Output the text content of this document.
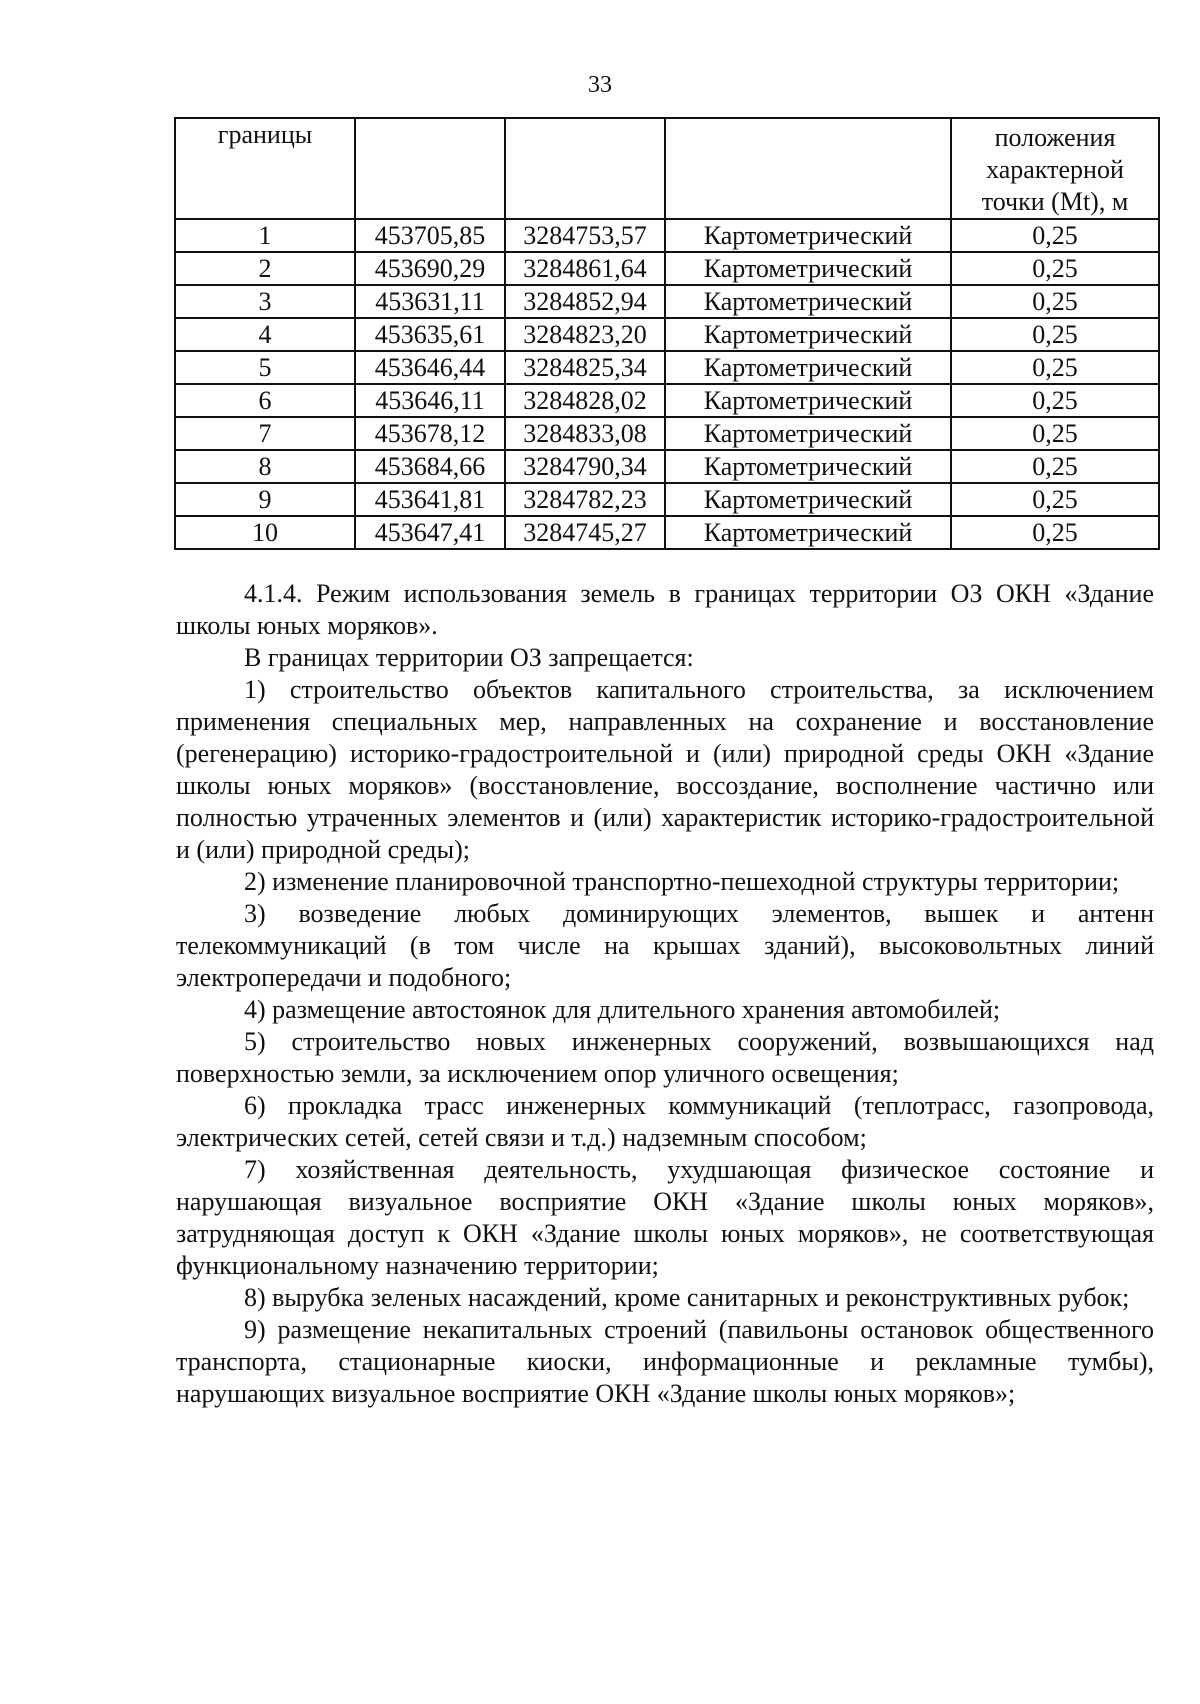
33
границы				положения характерной точки (Mt), м
1	453705,85	3284753,57	Картометрический	0,25
2	453690,29	3284861,64	Картометрический	0,25
3	453631,11	3284852,94	Картометрический	0,25
4	453635,61	3284823,20	Картометрический	0,25
5	453646,44	3284825,34	Картометрический	0,25
6	453646,11	3284828,02	Картометрический	0,25
7	453678,12	3284833,08	Картометрический	0,25
8	453684,66	3284790,34	Картометрический	0,25
9	453641,81	3284782,23	Картометрический	0,25
10	453647,41	3284745,27	Картометрический	0,25

4.1.4. Режим использования земель в границах территории ОЗ ОКН «Здание школы юных моряков».

В границах территории ОЗ запрещается:

1) строительство объектов капитального строительства, за исключением применения специальных мер, направленных на сохранение и восстановление (регенерацию) историко-градостроительной и (или) природной среды ОКН «Здание школы юных моряков» (восстановление, воссоздание, восполнение частично или полностью утраченных элементов и (или) характеристик историко-градостроительной и (или) природной среды);

2) изменение планировочной транспортно-пешеходной структуры территории;

3) возведение любых доминирующих элементов, вышек и антенн телекоммуникаций (в том числе на крышах зданий), высоковольтных линий электропередачи и подобного;

4) размещение автостоянок для длительного хранения автомобилей;

5) строительство новых инженерных сооружений, возвышающихся над поверхностью земли, за исключением опор уличного освещения;

6) прокладка трасс инженерных коммуникаций (теплотрасс, газопровода, электрических сетей, сетей связи и т.д.) надземным способом;

7) хозяйственная деятельность, ухудшающая физическое состояние и нарушающая визуальное восприятие ОКН «Здание школы юных моряков», затрудняющая доступ к ОКН «Здание школы юных моряков», не соответствующая функциональному назначению территории;

8) вырубка зеленых насаждений, кроме санитарных и реконструктивных рубок;

9) размещение некапитальных строений (павильоны остановок общественного транспорта, стационарные киоски, информационные и рекламные тумбы), нарушающих визуальное восприятие ОКН «Здание школы юных моряков»;
